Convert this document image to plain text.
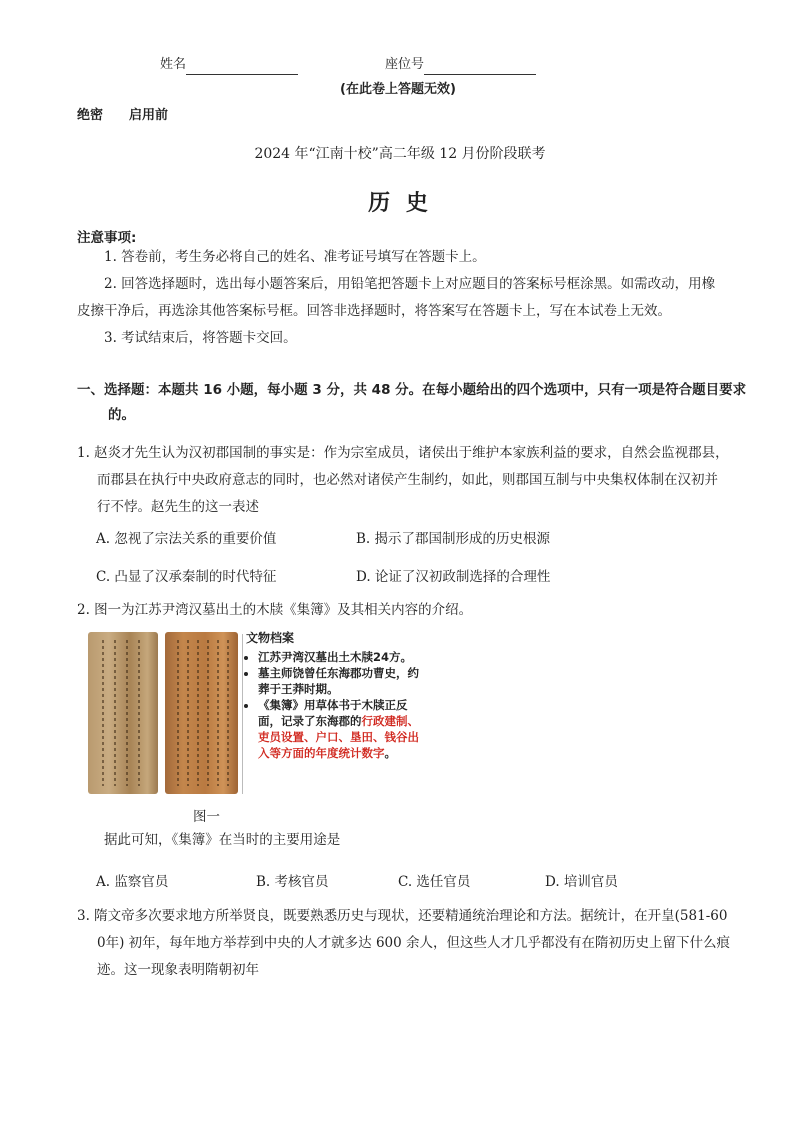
姓名	座位号
(在此卷上答题无效)
绝密 启用前
2024 年“江南十校”高二年级 12 月份阶段联考
历 史
注意事项:
1. 答卷前，考生务必将自己的姓名、准考证号填写在答题卡上。
2. 回答选择题时，选出每小题答案后，用铅笔把答题卡上对应题目的答案标号框涂黑。如需改动，用橡
皮擦干净后，再选涂其他答案标号框。回答非选择题时，将答案写在答题卡上，写在本试卷上无效。
3. 考试结束后，将答题卡交回。
一、选择题：本题共 16 小题，每小题 3 分，共 48 分。在每小题给出的四个选项中，只有一项是符合题目要求
的。
1. 赵炎才先生认为汉初郡国制的事实是：作为宗室成员，诸侯出于维护本家族利益的要求，自然会监视郡县，
而郡县在执行中央政府意志的同时，也必然对诸侯产生制约，如此，则郡国互制与中央集权体制在汉初并
行不悖。赵先生的这一表述
A. 忽视了宗法关系的重要价值	B. 揭示了郡国制形成的历史根源
C. 凸显了汉承秦制的时代特征	D. 论证了汉初政制选择的合理性
2. 图一为江苏尹湾汉墓出土的木牍《集簿》及其相关内容的介绍。
文物档案
• 江苏尹湾汉墓出土木牍24方。
• 墓主师饶曾任东海郡功曹史，约葬于王莽时期。
• 《集簿》用草体书于木牍正反面，记录了东海郡的行政建制、吏员设置、户口、垦田、钱谷出入等方面的年度统计数字。
图一
据此可知，《集簿》在当时的主要用途是
A. 监察官员	B. 考核官员	C. 选任官员	D. 培训官员
3. 隋文帝多次要求地方所举贤良，既要熟悉历史与现状，还要精通统治理论和方法。据统计，在开皇(581-60
0年) 初年，每年地方举荐到中央的人才就多达 600 余人，但这些人才几乎都没有在隋初历史上留下什么痕
迹。这一现象表明隋朝初年
